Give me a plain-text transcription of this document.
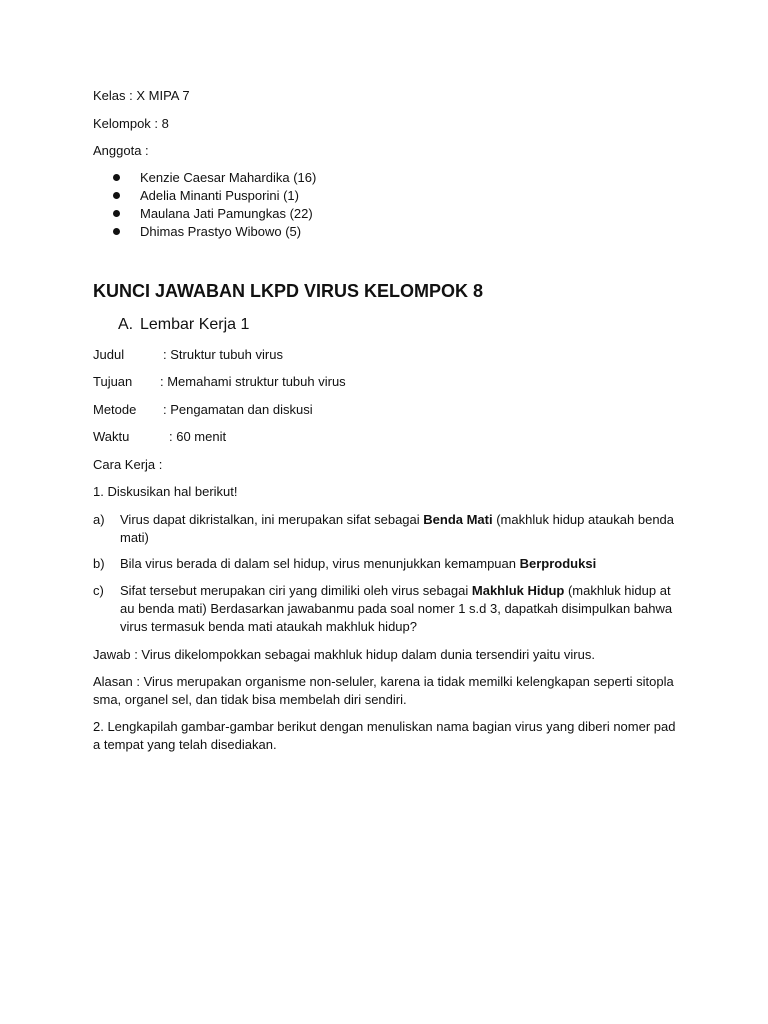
Kelas : X MIPA 7
Kelompok : 8
Anggota :
Kenzie Caesar Mahardika (16)
Adelia Minanti Pusporini (1)
Maulana Jati Pamungkas (22)
Dhimas Prastyo Wibowo (5)
KUNCI JAWABAN LKPD VIRUS KELOMPOK 8
A. Lembar Kerja 1
Judul	: Struktur tubuh virus
Tujuan : Memahami struktur tubuh virus
Metode : Pengamatan dan diskusi
Waktu	: 60 menit
Cara Kerja :
1. Diskusikan hal berikut!
a) Virus dapat dikristalkan, ini merupakan sifat sebagai Benda Mati (makhluk hidup ataukah benda mati)
b) Bila virus berada di dalam sel hidup, virus menunjukkan kemampuan Berproduksi
c) Sifat tersebut merupakan ciri yang dimiliki oleh virus sebagai Makhluk Hidup (makhluk hidup at au benda mati) Berdasarkan jawabanmu pada soal nomer 1 s.d 3, dapatkah disimpulkan bahwa virus termasuk benda mati ataukah makhluk hidup?
Jawab : Virus dikelompokkan sebagai makhluk hidup dalam dunia tersendiri yaitu virus.
Alasan : Virus merupakan organisme non-seluler, karena ia tidak memilki kelengkapan seperti sitopla sma, organel sel, dan tidak bisa membelah diri sendiri.
2. Lengkapilah gambar-gambar berikut dengan menuliskan nama bagian virus yang diberi nomer pad a tempat yang telah disediakan.
